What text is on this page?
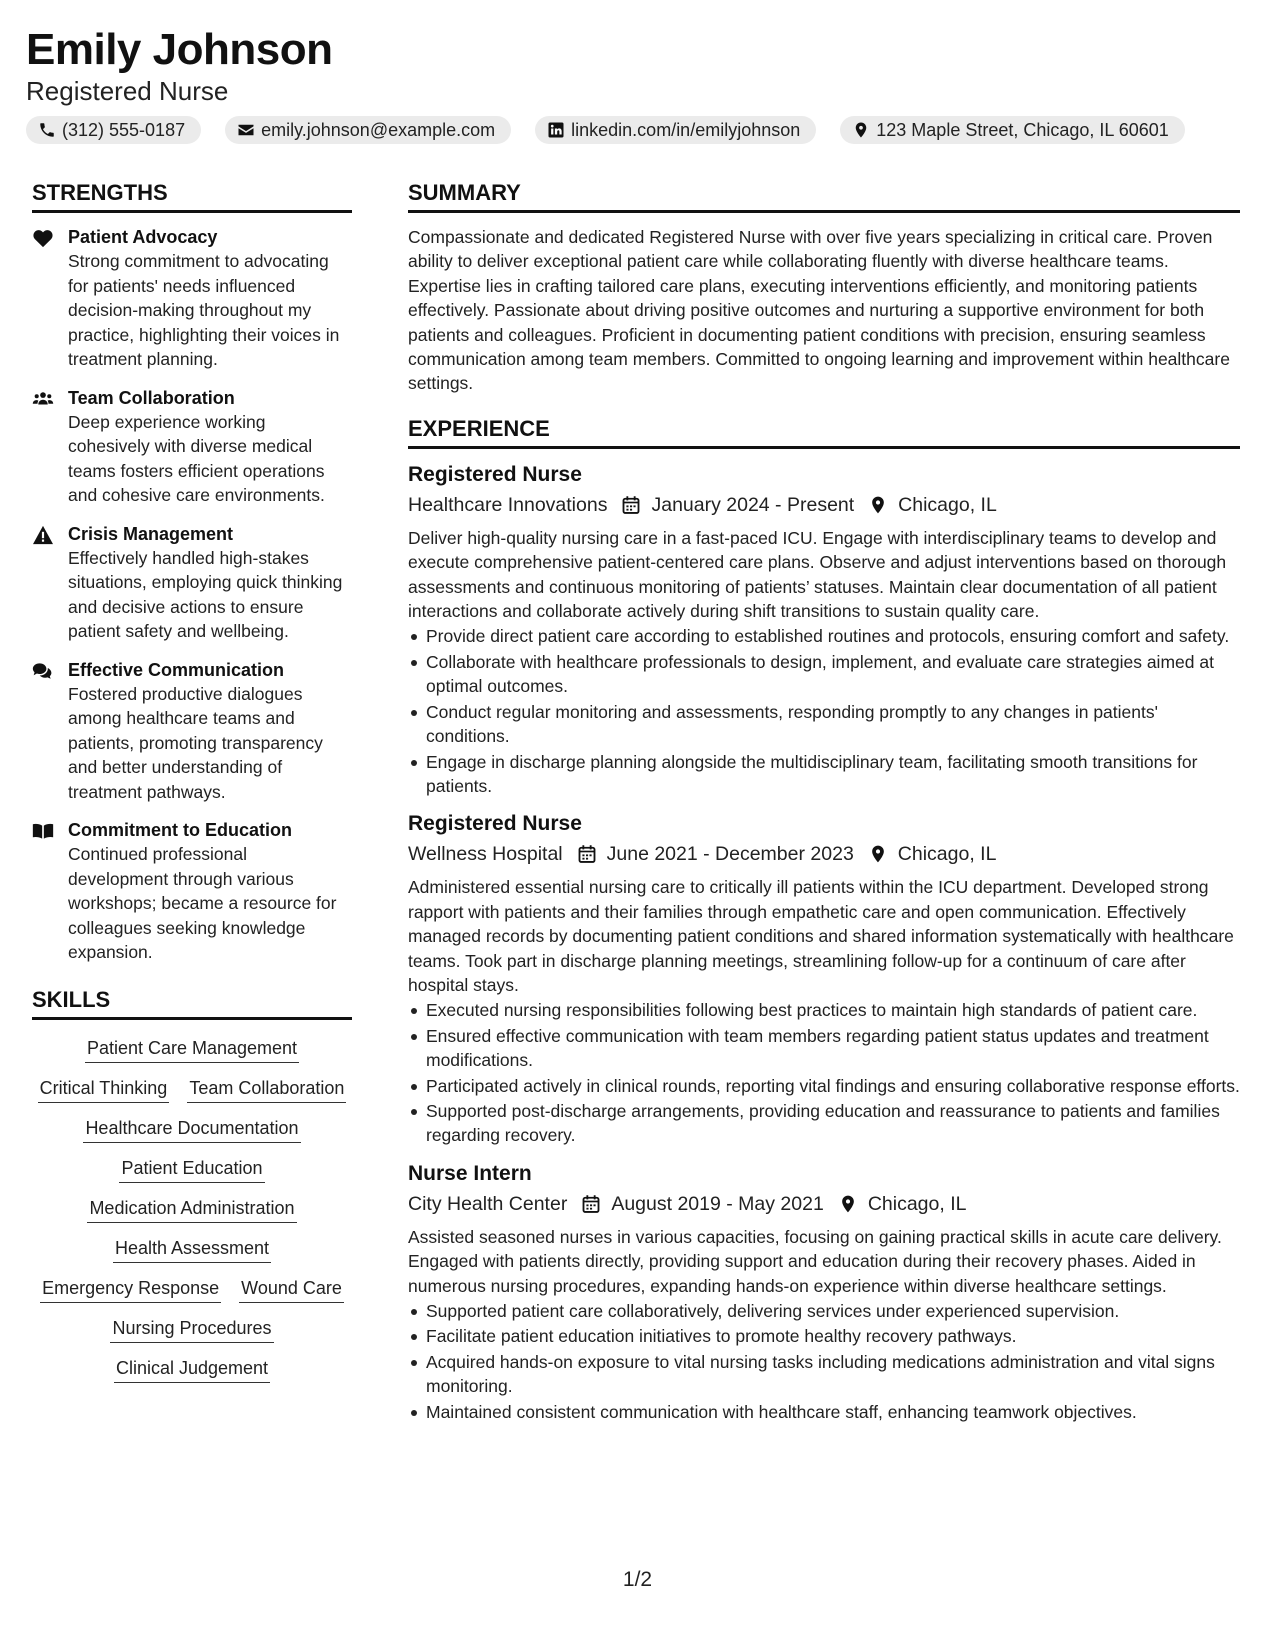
Emily Johnson
Registered Nurse
(312) 555-0187	emily.johnson@example.com	linkedin.com/in/emilyjohnson	123 Maple Street, Chicago, IL 60601
STRENGTHS
Patient Advocacy
Strong commitment to advocating for patients' needs influenced decision-making throughout my practice, highlighting their voices in treatment planning.
Team Collaboration
Deep experience working cohesively with diverse medical teams fosters efficient operations and cohesive care environments.
Crisis Management
Effectively handled high-stakes situations, employing quick thinking and decisive actions to ensure patient safety and wellbeing.
Effective Communication
Fostered productive dialogues among healthcare teams and patients, promoting transparency and better understanding of treatment pathways.
Commitment to Education
Continued professional development through various workshops; became a resource for colleagues seeking knowledge expansion.
SKILLS
Patient Care Management
Critical Thinking Team Collaboration
Healthcare Documentation
Patient Education
Medication Administration
Health Assessment
Emergency Response Wound Care
Nursing Procedures
Clinical Judgement
SUMMARY
Compassionate and dedicated Registered Nurse with over five years specializing in critical care. Proven ability to deliver exceptional patient care while collaborating fluently with diverse healthcare teams. Expertise lies in crafting tailored care plans, executing interventions efficiently, and monitoring patients effectively. Passionate about driving positive outcomes and nurturing a supportive environment for both patients and colleagues. Proficient in documenting patient conditions with precision, ensuring seamless communication among team members. Committed to ongoing learning and improvement within healthcare settings.
EXPERIENCE
Registered Nurse
Healthcare Innovations January 2024 - Present Chicago, IL
Deliver high-quality nursing care in a fast-paced ICU. Engage with interdisciplinary teams to develop and execute comprehensive patient-centered care plans. Observe and adjust interventions based on thorough assessments and continuous monitoring of patients’ statuses. Maintain clear documentation of all patient interactions and collaborate actively during shift transitions to sustain quality care.
Provide direct patient care according to established routines and protocols, ensuring comfort and safety.
Collaborate with healthcare professionals to design, implement, and evaluate care strategies aimed at optimal outcomes.
Conduct regular monitoring and assessments, responding promptly to any changes in patients' conditions.
Engage in discharge planning alongside the multidisciplinary team, facilitating smooth transitions for patients.
Registered Nurse
Wellness Hospital June 2021 - December 2023 Chicago, IL
Administered essential nursing care to critically ill patients within the ICU department. Developed strong rapport with patients and their families through empathetic care and open communication. Effectively managed records by documenting patient conditions and shared information systematically with healthcare teams. Took part in discharge planning meetings, streamlining follow-up for a continuum of care after hospital stays.
Executed nursing responsibilities following best practices to maintain high standards of patient care.
Ensured effective communication with team members regarding patient status updates and treatment modifications.
Participated actively in clinical rounds, reporting vital findings and ensuring collaborative response efforts.
Supported post-discharge arrangements, providing education and reassurance to patients and families regarding recovery.
Nurse Intern
City Health Center August 2019 - May 2021 Chicago, IL
Assisted seasoned nurses in various capacities, focusing on gaining practical skills in acute care delivery. Engaged with patients directly, providing support and education during their recovery phases. Aided in numerous nursing procedures, expanding hands-on experience within diverse healthcare settings.
Supported patient care collaboratively, delivering services under experienced supervision.
Facilitate patient education initiatives to promote healthy recovery pathways.
Acquired hands-on exposure to vital nursing tasks including medications administration and vital signs monitoring.
Maintained consistent communication with healthcare staff, enhancing teamwork objectives.
1/2
